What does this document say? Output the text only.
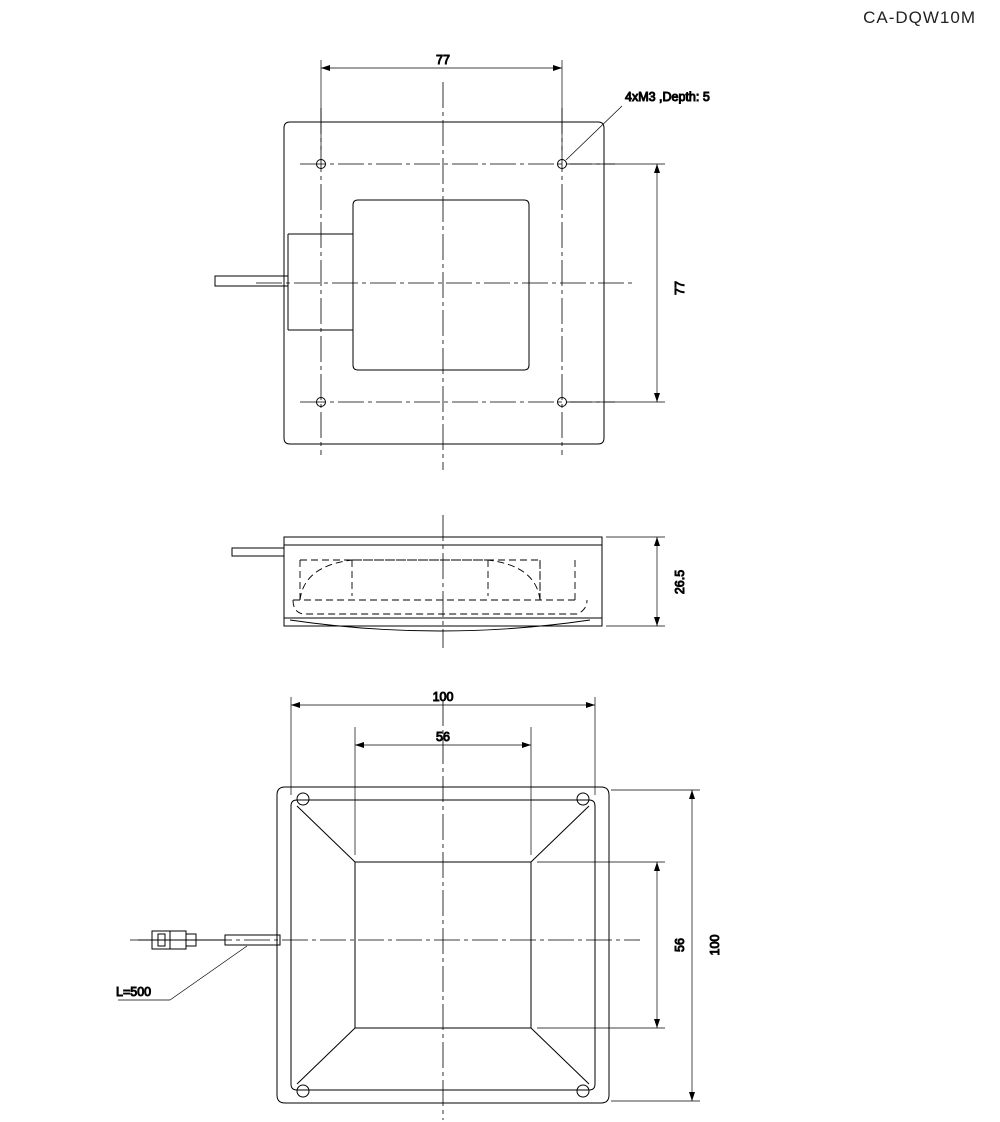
CA-DQW10M
77
77
4xM3 ,Depth: 5
26.5
100
56
56 100
L=500
